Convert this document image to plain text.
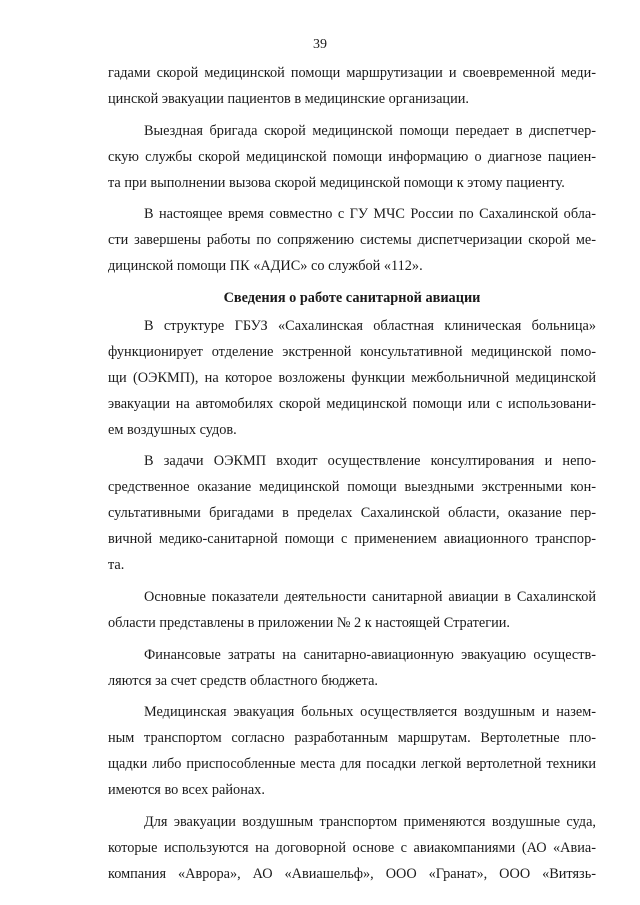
39
гадами скорой медицинской помощи маршрутизации и своевременной меди-
цинской эвакуации пациентов в медицинские организации.
Выездная бригада скорой медицинской помощи передает в диспетчер-
скую службы скорой медицинской помощи информацию о диагнозе пациен-
та при выполнении вызова скорой медицинской помощи к этому пациенту.
В настоящее время совместно с ГУ МЧС России по Сахалинской обла-
сти завершены работы по сопряжению системы диспетчеризации скорой ме-
дицинской помощи ПК «АДИС» со службой «112».
Сведения о работе санитарной авиации
В структуре ГБУЗ «Сахалинская областная клиническая больница»
функционирует отделение экстренной консультативной медицинской помо-
щи (ОЭКМП), на которое возложены функции межбольничной медицинской
эвакуации на автомобилях скорой медицинской помощи или с использовани-
ем воздушных судов.
В задачи ОЭКМП входит осуществление консултирования и непо-
средственное оказание медицинской помощи выездными экстренными кон-
сультативными бригадами в пределах Сахалинской области, оказание пер-
вичной медико-санитарной помощи с применением авиационного транспор-
та.
Основные показатели деятельности санитарной авиации в Сахалинской
области представлены в приложении № 2 к настоящей Стратегии.
Финансовые затраты на санитарно-авиационную эвакуацию осуществ-
ляются за счет средств областного бюджета.
Медицинская эвакуация больных осуществляется воздушным и назем-
ным транспортом согласно разработанным маршрутам. Вертолетные пло-
щадки либо приспособленные места для посадки легкой вертолетной техники
имеются во всех районах.
Для эвакуации воздушным транспортом применяются воздушные суда,
которые используются на договорной основе с авиакомпаниями (АО «Авиа-
компания «Аврора», АО «Авиашельф», ООО «Гранат», ООО «Витязь-
